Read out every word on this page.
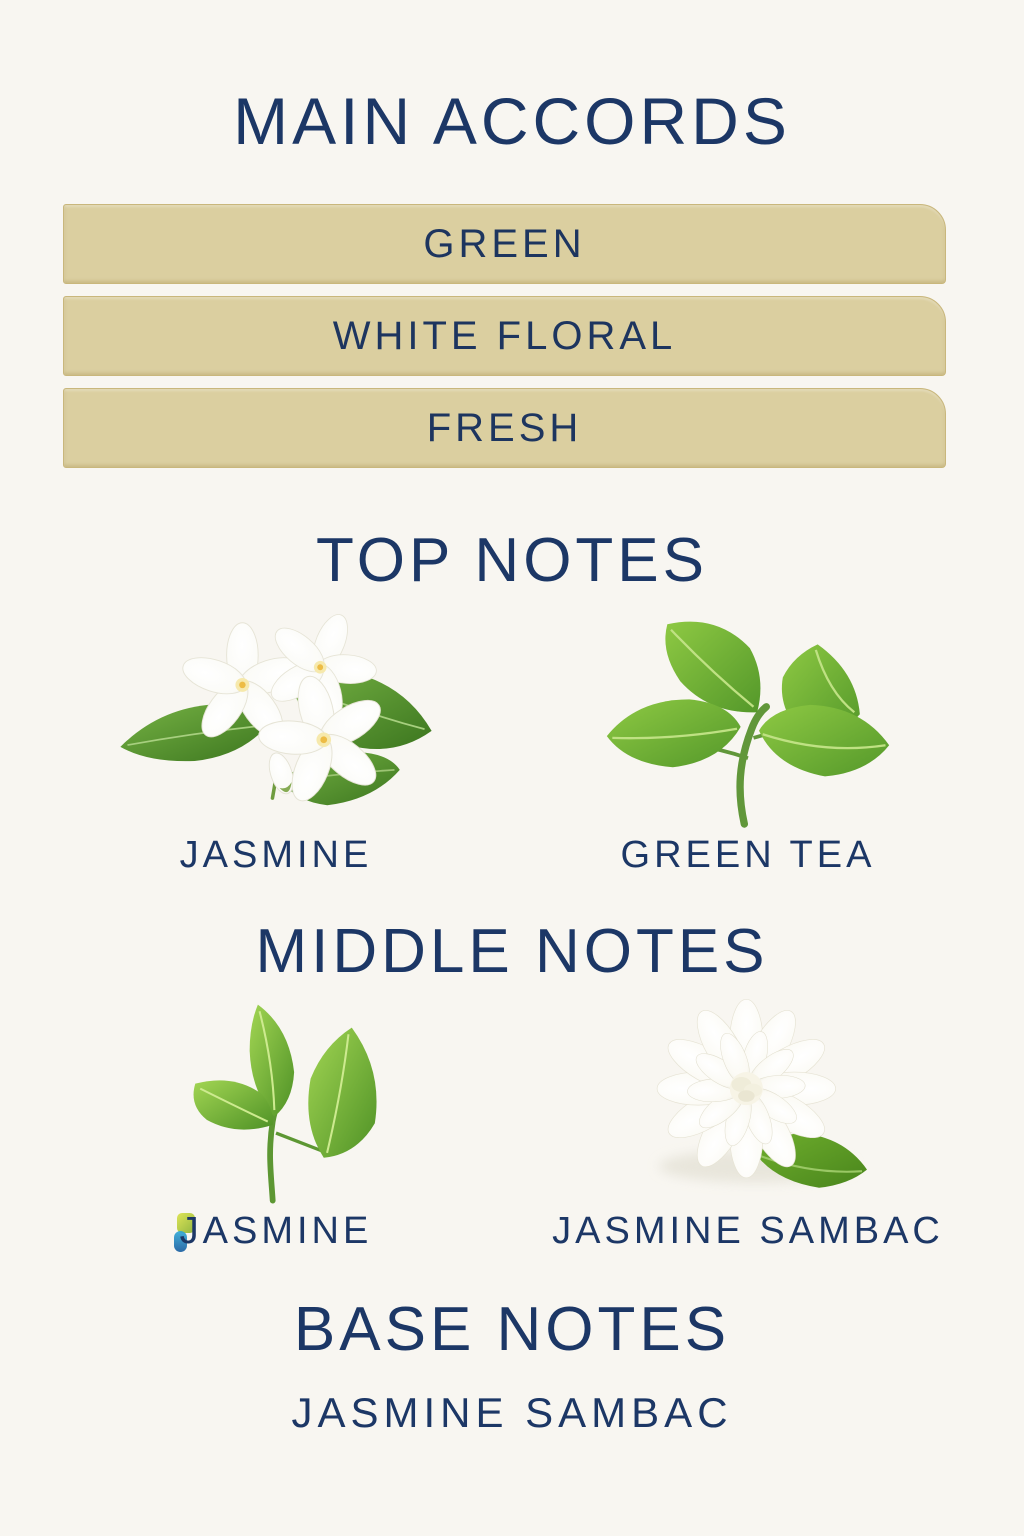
MAIN ACCORDS
GREEN
WHITE FLORAL
FRESH
TOP NOTES
JASMINE	GREEN TEA
MIDDLE NOTES
JASMINE	JASMINE SAMBAC
BASE NOTES
JASMINE SAMBAC
